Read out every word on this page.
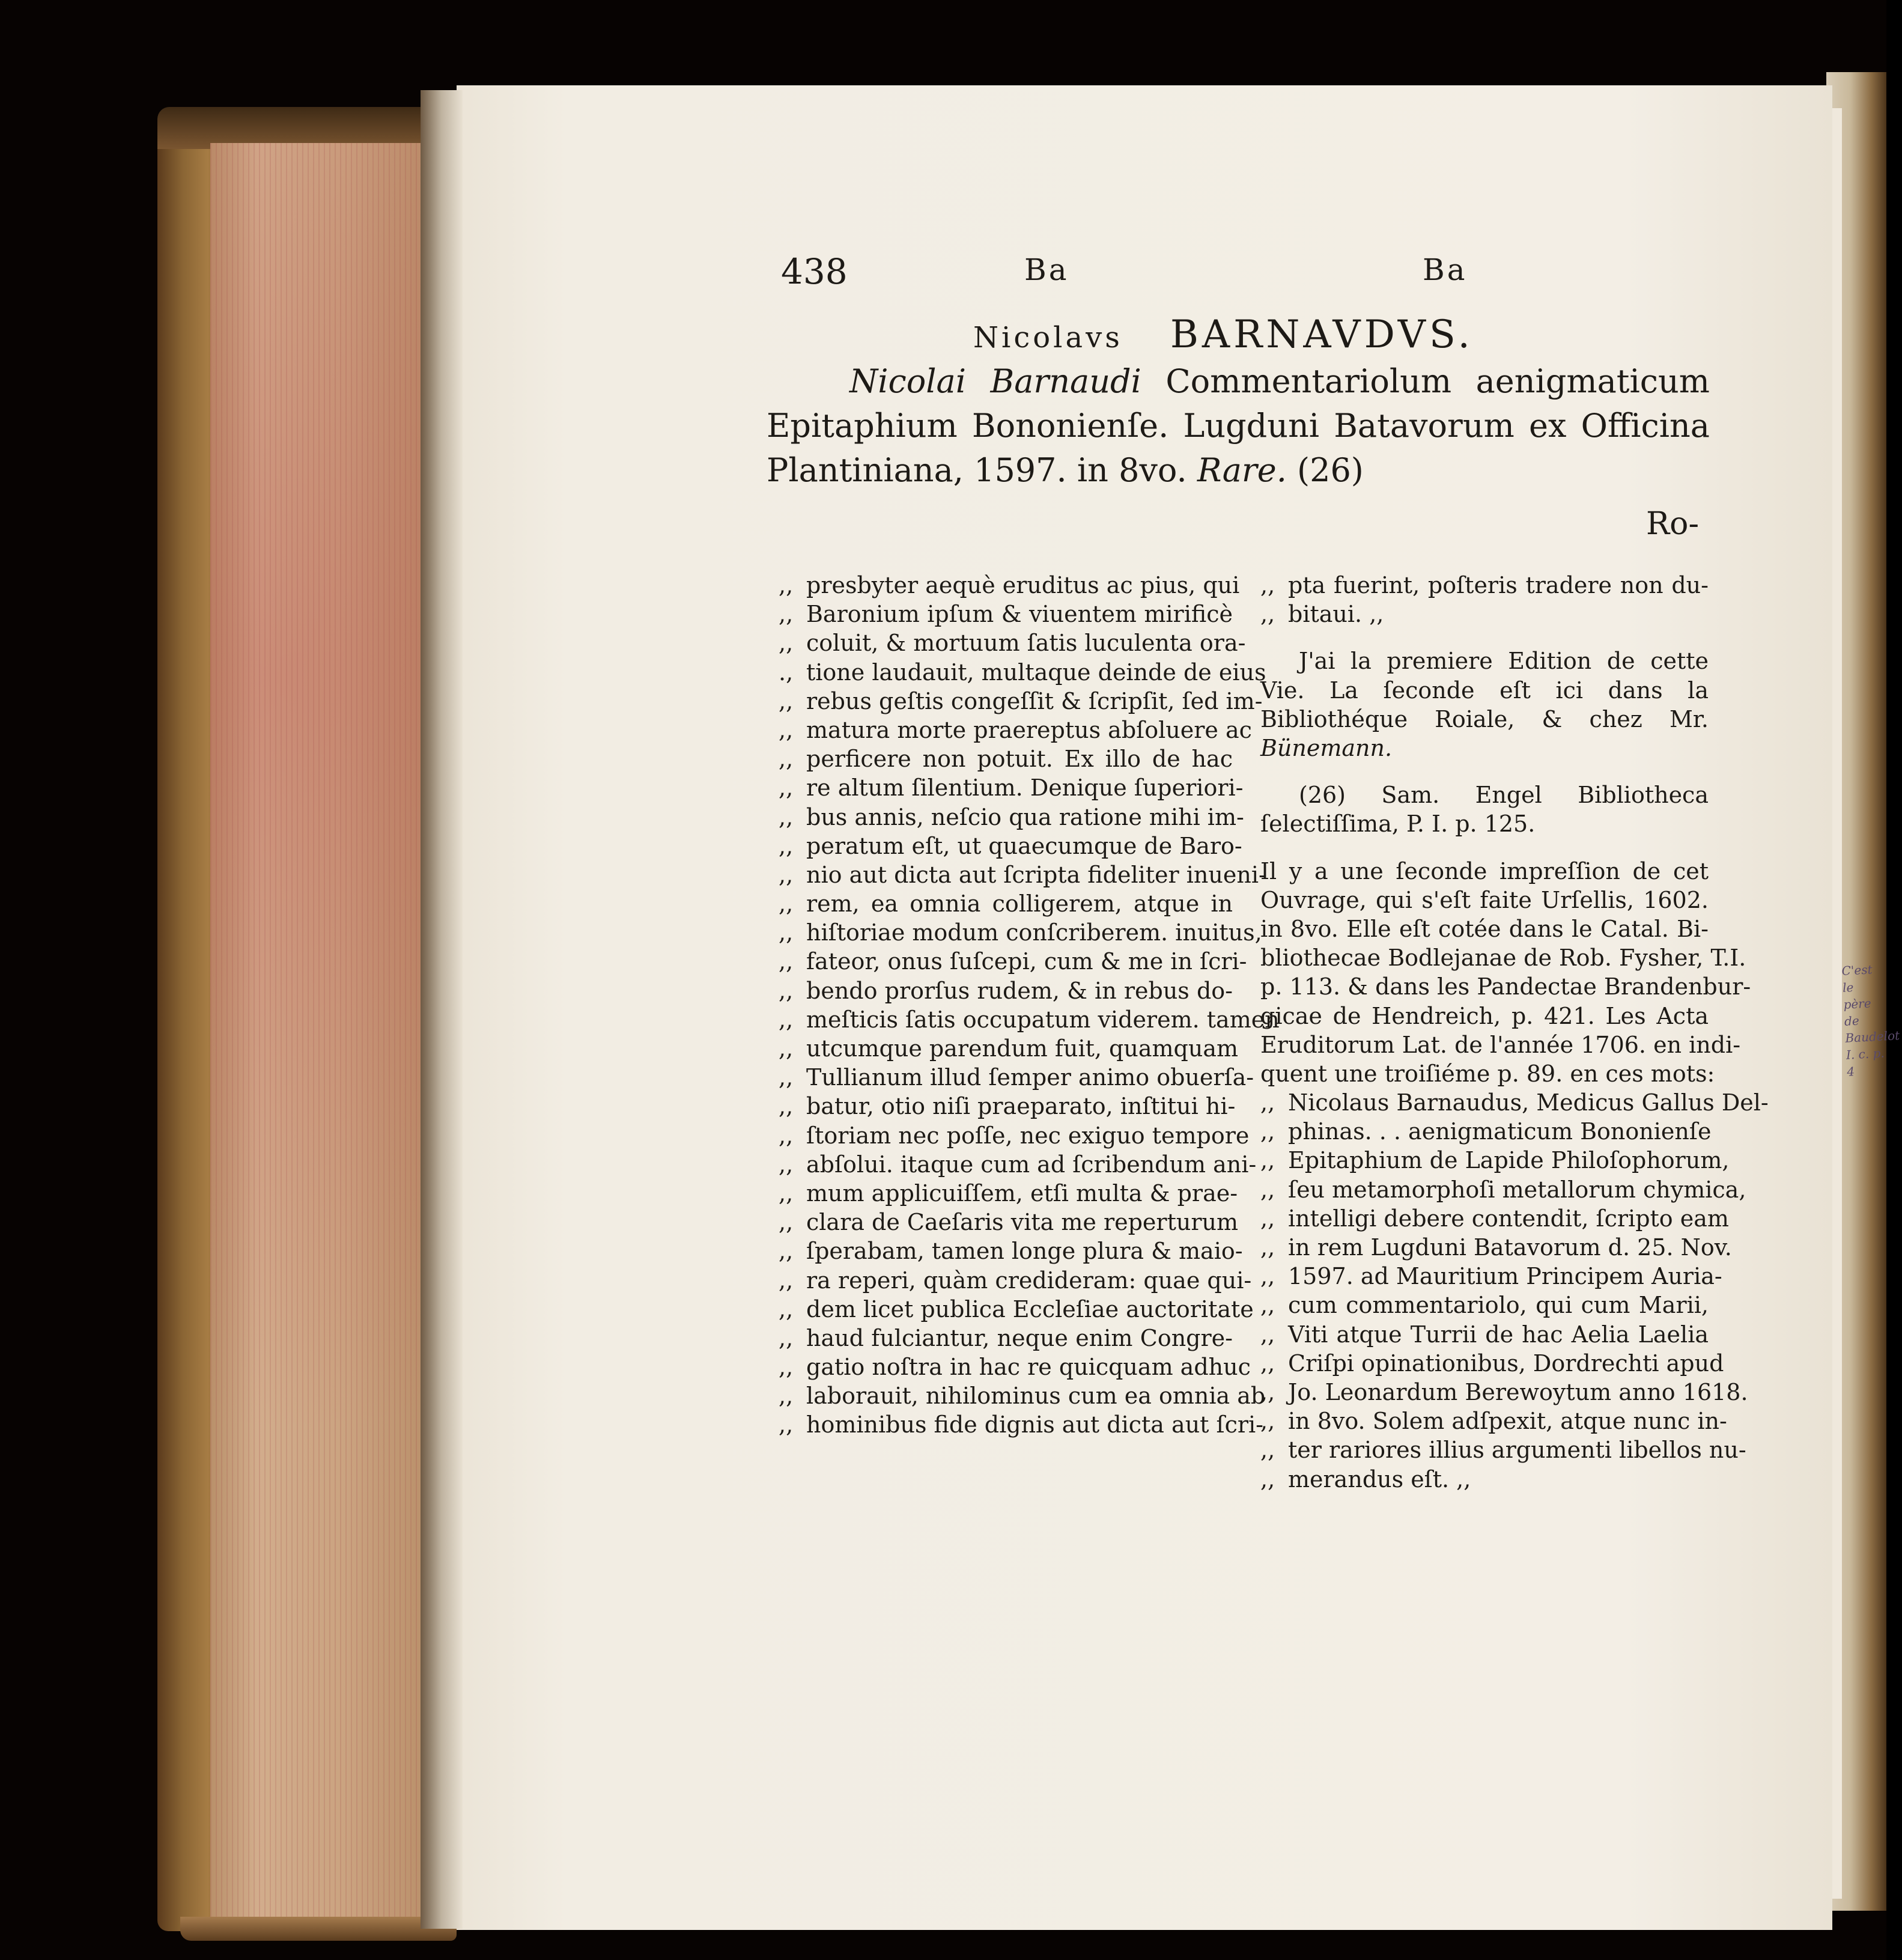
C'est le père de Baudelot I. c. p. 4
438	Ba	Ba
Nicolavs BARNAVDVS.

Nicolai Barnaudi Commentariolum aenigmaticum Epitaphium Bononienſe. Lugduni Batavorum ex Officina Plantiniana, 1597. in 8vo. Rare. (26)

Ro-
,, presbyter aequè eruditus ac pius, qui
,, Baronium ipſum & viuentem mirificè
,, coluit, & mortuum ſatis luculenta ora-
., tione laudauit, multaque deinde de eius
,, rebus geſtis congeſſit & ſcripſit, ſed im-
,, matura morte praereptus abſoluere ac
,, perficere non potuit. Ex illo de hac
,, re altum ſilentium. Denique ſuperiori-
,, bus annis, neſcio qua ratione mihi im-
,, peratum eſt, ut quaecumque de Baro-
,, nio aut dicta aut ſcripta fideliter inueni-
,, rem, ea omnia colligerem, atque in
,, hiſtoriae modum conſcriberem. inuitus,
,, fateor, onus ſuſcepi, cum & me in ſcri-
,, bendo prorſus rudem, & in rebus do-
,, meſticis ſatis occupatum viderem. tamen
,, utcumque parendum fuit, quamquam
,, Tullianum illud ſemper animo obuerſa-
,, batur, otio niſi praeparato, inſtitui hi-
,, ſtoriam nec poſſe, nec exiguo tempore
,, abſolui. itaque cum ad ſcribendum ani-
,, mum applicuiſſem, etſi multa & prae-
,, clara de Caeſaris vita me reperturum
,, ſperabam, tamen longe plura & maio-
,, ra reperi, quàm credideram: quae qui-
,, dem licet publica Eccleſiae auctoritate
,, haud fulciantur, neque enim Congre-
,, gatio noſtra in hac re quicquam adhuc
,, laborauit, nihilominus cum ea omnia ab
,, hominibus fide dignis aut dicta aut ſcri-
,, pta fuerint, poſteris tradere non du-
,, bitaui. ,,

J'ai la premiere Edition de cette Vie. La ſeconde eſt ici dans la Bibliothéque Roiale, & chez Mr. Bünemann.

(26) Sam. Engel Bibliotheca ſelectiſſima, P. I. p. 125.

Il y a une ſeconde impreſſion de cet
Ouvrage, qui s'eſt faite Urſellis, 1602.
in 8vo. Elle eſt cotée dans le Catal. Bi-
bliothecae Bodlejanae de Rob. Fysher, T.I.
p. 113. & dans les Pandectae Brandenbur-
gicae de Hendreich, p. 421. Les Acta
Eruditorum Lat. de l'année 1706. en indi-
quent une troiſiéme p. 89. en ces mots:
,, Nicolaus Barnaudus, Medicus Gallus Del-
,, phinas. . . aenigmaticum Bononienſe
,, Epitaphium de Lapide Philoſophorum,
,, ſeu metamorphoſi metallorum chymica,
,, intelligi debere contendit, ſcripto eam
,, in rem Lugduni Batavorum d. 25. Nov.
,, 1597. ad Mauritium Principem Auria-
,, cum commentariolo, qui cum Marii,
,, Viti atque Turrii de hac Aelia Laelia
,, Criſpi opinationibus, Dordrechti apud
,, Jo. Leonardum Berewoytum anno 1618.
,, in 8vo. Solem adſpexit, atque nunc in-
,, ter rariores illius argumenti libellos nu-
,, merandus eſt. ,,
